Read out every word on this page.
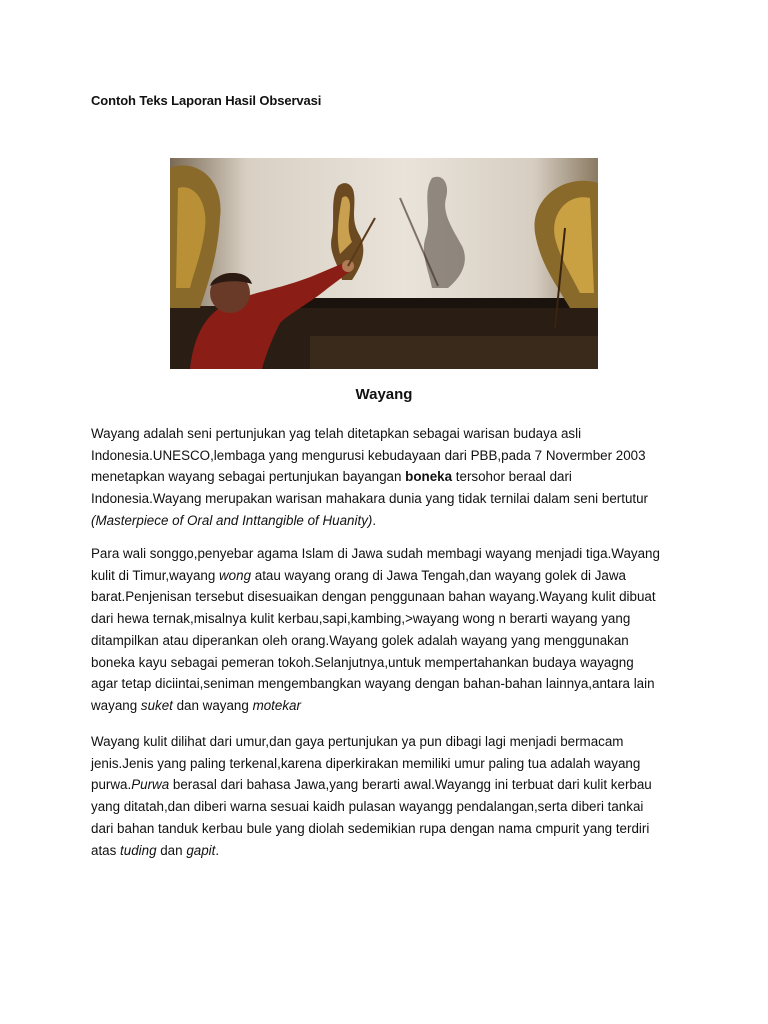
Contoh Teks Laporan Hasil Observasi
Wayang

Wayang adalah seni pertunjukan yag telah ditetapkan sebagai warisan budaya asli
Indonesia.UNESCO,lembaga yang mengurusi kebudayaan dari PBB,pada 7 Novermber 2003
menetapkan wayang sebagai pertunjukan bayangan boneka tersohor beraal dari
Indonesia.Wayang merupakan warisan mahakara dunia yang tidak ternilai dalam seni bertutur
(Masterpiece of Oral and Inttangible of Huanity).

Para wali songgo,penyebar agama Islam di Jawa sudah membagi wayang menjadi tiga.Wayang
kulit di Timur,wayang wong atau wayang orang di Jawa Tengah,dan wayang golek di Jawa
barat.Penjenisan tersebut disesuaikan dengan penggunaan bahan wayang.Wayang kulit dibuat
dari hewa ternak,misalnya kulit kerbau,sapi,kambing,>wayang wong n berarti wayang yang
ditampilkan atau diperankan oleh orang.Wayang golek adalah wayang yang menggunakan
boneka kayu sebagai pemeran tokoh.Selanjutnya,untuk mempertahankan budaya wayagng
agar tetap diciintai,seniman mengembangkan wayang dengan bahan-bahan lainnya,antara lain
wayang suket dan wayang motekar

Wayang kulit dilihat dari umur,dan gaya pertunjukan ya pun dibagi lagi menjadi bermacam
jenis.Jenis yang paling terkenal,karena diperkirakan memiliki umur paling tua adalah wayang
purwa.Purwa berasal dari bahasa Jawa,yang berarti awal.Wayangg ini terbuat dari kulit kerbau
yang ditatah,dan diberi warna sesuai kaidh pulasan wayangg pendalangan,serta diberi tankai
dari bahan tanduk kerbau bule yang diolah sedemikian rupa dengan nama cmpurit yang terdiri
atas tuding dan gapit.
